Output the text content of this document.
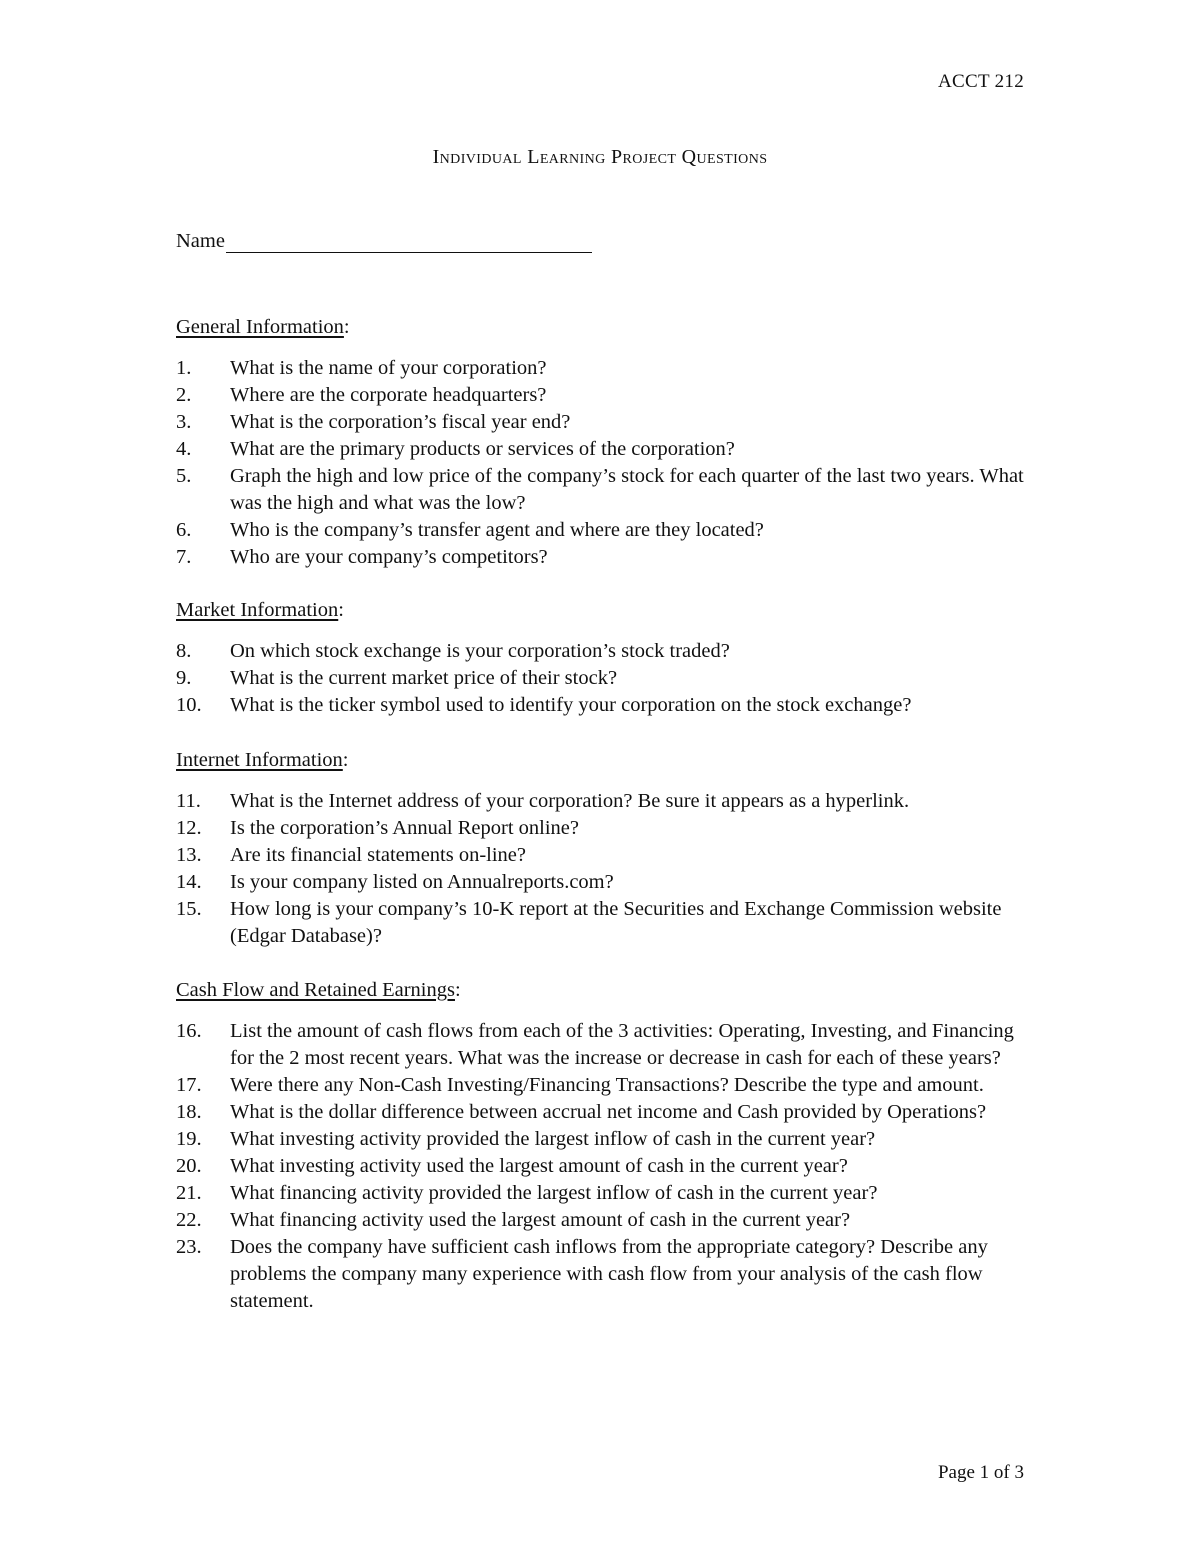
ACCT 212
Individual Learning Project Questions
Name
General Information:
1.	What is the name of your corporation?
2.	Where are the corporate headquarters?
3.	What is the corporation’s fiscal year end?
4.	What are the primary products or services of the corporation?
5.	Graph the high and low price of the company’s stock for each quarter of the last two years. What was the high and what was the low?
6.	Who is the company’s transfer agent and where are they located?
7.	Who are your company’s competitors?
Market Information:
8.	On which stock exchange is your corporation’s stock traded?
9.	What is the current market price of their stock?
10.	What is the ticker symbol used to identify your corporation on the stock exchange?
Internet Information:
11.	What is the Internet address of your corporation? Be sure it appears as a hyperlink.
12.	Is the corporation’s Annual Report online?
13.	Are its financial statements on-line?
14.	Is your company listed on Annualreports.com?
15.	How long is your company’s 10-K report at the Securities and Exchange Commission website (Edgar Database)?
Cash Flow and Retained Earnings:
16.	List the amount of cash flows from each of the 3 activities: Operating, Investing, and Financing for the 2 most recent years. What was the increase or decrease in cash for each of these years?
17.	Were there any Non-Cash Investing/Financing Transactions? Describe the type and amount.
18.	What is the dollar difference between accrual net income and Cash provided by Operations?
19.	What investing activity provided the largest inflow of cash in the current year?
20.	What investing activity used the largest amount of cash in the current year?
21.	What financing activity provided the largest inflow of cash in the current year?
22.	What financing activity used the largest amount of cash in the current year?
23.	Does the company have sufficient cash inflows from the appropriate category? Describe any problems the company many experience with cash flow from your analysis of the cash flow statement.
Page 1 of 3
